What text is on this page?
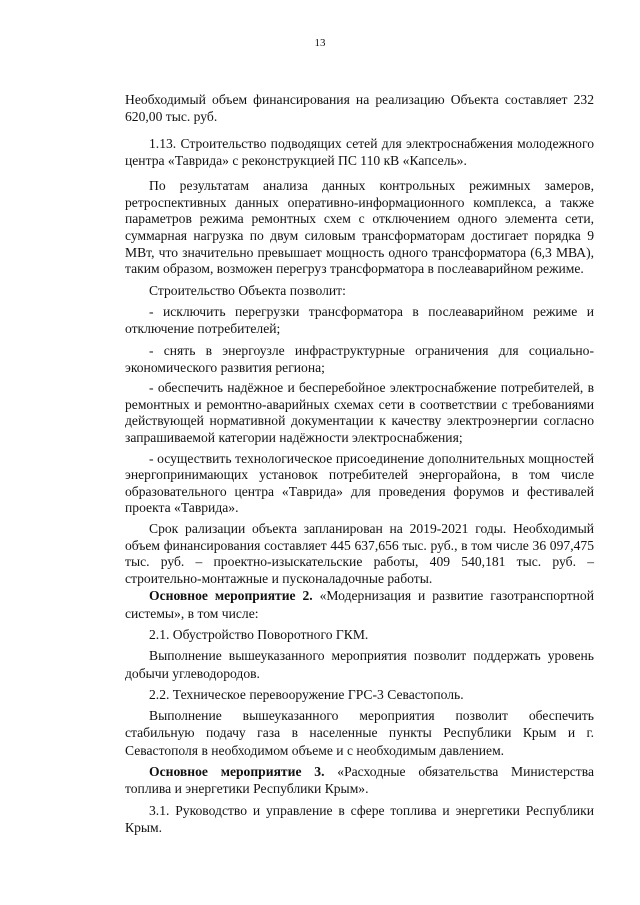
13

Необходимый объем финансирования на реализацию Объекта составляет 232 620,00 тыс. руб.

1.13. Строительство подводящих сетей для электроснабжения молодежного центра «Таврида» с реконструкцией ПС 110 кВ «Капсель».

По результатам анализа данных контрольных режимных замеров, ретроспективных данных оперативно-информационного комплекса, а также параметров режима ремонтных схем с отключением одного элемента сети, суммарная нагрузка по двум силовым трансформаторам достигает порядка 9 МВт, что значительно превышает мощность одного трансформатора (6,3 МВА), таким образом, возможен перегруз трансформатора в послеаварийном режиме.

Строительство Объекта позволит:

- исключить перегрузки трансформатора в послеаварийном режиме и отключение потребителей;

- снять в энергоузле инфраструктурные ограничения для социально-экономического развития региона;

- обеспечить надёжное и бесперебойное электроснабжение потребителей, в ремонтных и ремонтно-аварийных схемах сети в соответствии с требованиями действующей нормативной документации к качеству электроэнергии согласно запрашиваемой категории надёжности электроснабжения;

- осуществить технологическое присоединение дополнительных мощностей энергопринимающих установок потребителей энергорайона, в том числе образовательного центра «Таврида» для проведения форумов и фестивалей проекта «Таврида».

Срок рализации объекта запланирован на 2019-2021 годы. Необходимый объем финансирования составляет 445 637,656 тыс. руб., в том числе 36 097,475 тыс. руб. – проектно-изыскательские работы, 409 540,181 тыс. руб. – строительно-монтажные и пусконаладочные работы.

Основное мероприятие 2. «Модернизация и развитие газотранспортной системы», в том числе:

2.1. Обустройство Поворотного ГКМ.

Выполнение вышеуказанного мероприятия позволит поддержать уровень добычи углеводородов.

2.2. Техническое перевооружение ГРС-3 Севастополь.

Выполнение вышеуказанного мероприятия позволит обеспечить стабильную подачу газа в населенные пункты Республики Крым и г. Севастополя в необходимом объеме и с необходимым давлением.

Основное мероприятие 3. «Расходные обязательства Министерства топлива и энергетики Республики Крым».

3.1. Руководство и управление в сфере топлива и энергетики Республики Крым.
